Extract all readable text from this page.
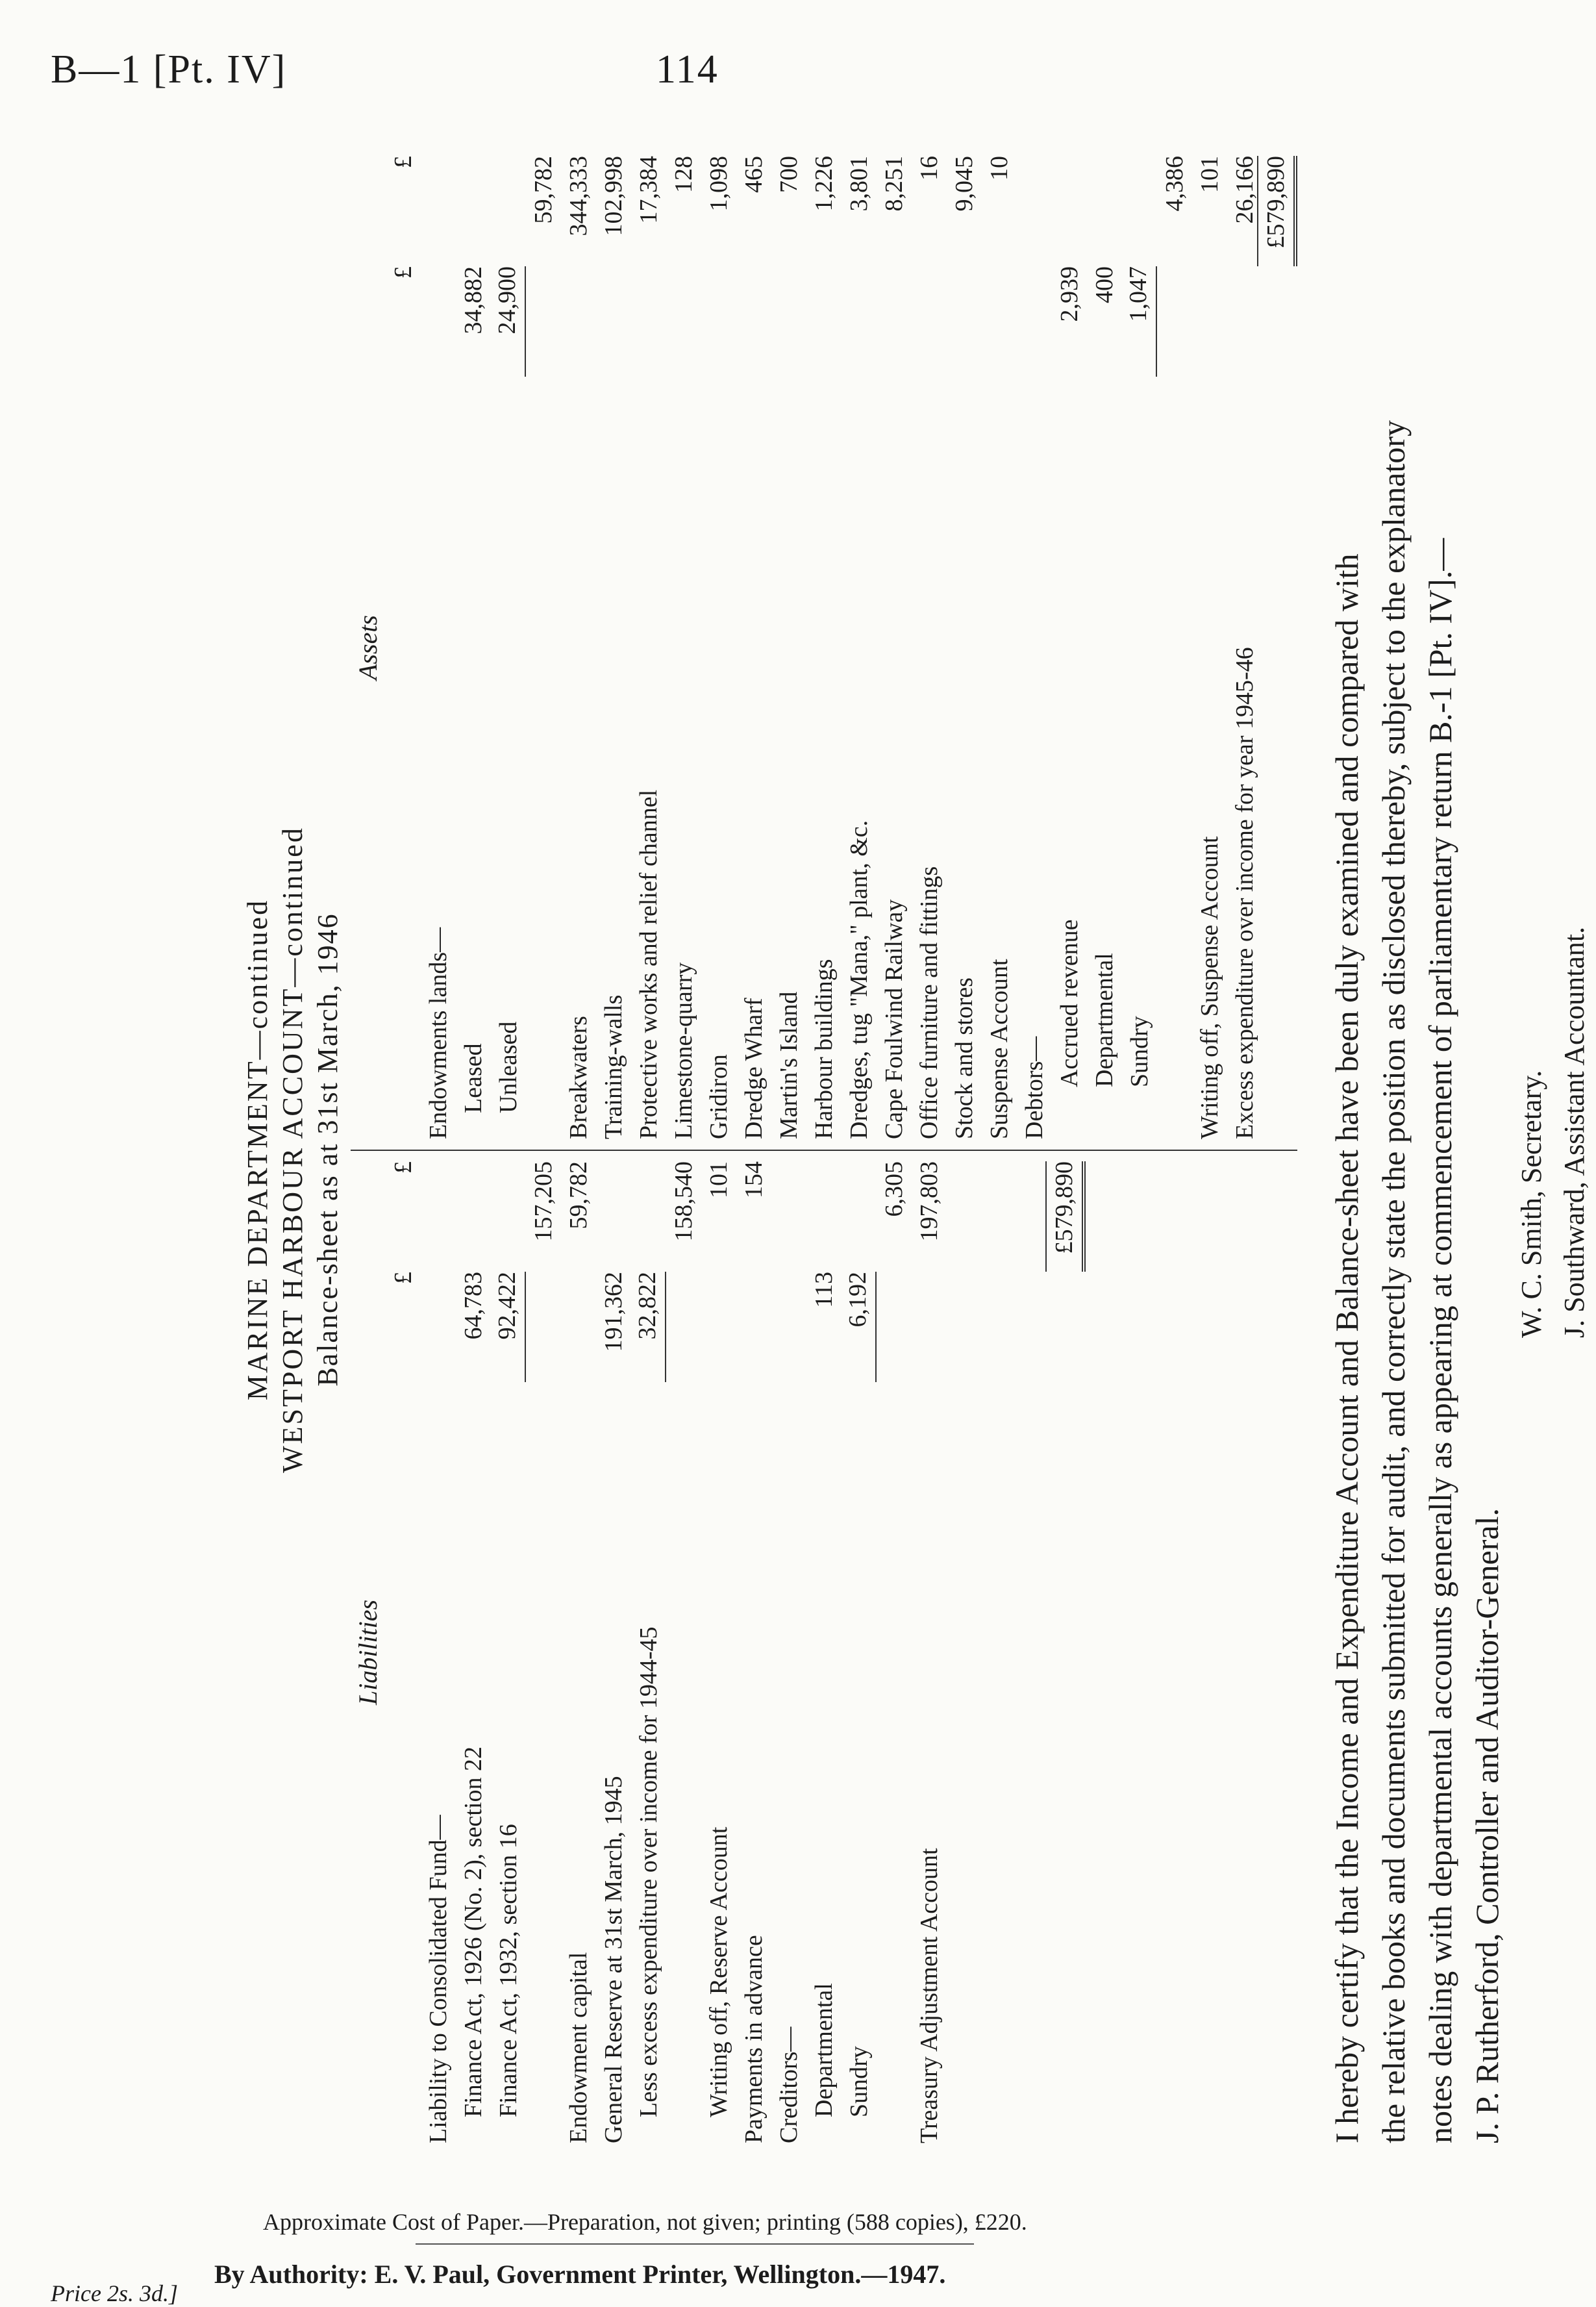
B—1 [Pt. IV]	114
MARINE DEPARTMENT—continued WESTPORT HARBOUR ACCOUNT—continued Balance-sheet as at 31st March, 1946
Liabilities
£
£
Liability to Consolidated Fund— Finance Act, 1926 (No. 2), section 22
64,783
Finance Act, 1932, section 16
92,422
157,205
Endowment capital
59,782
General Reserve at 31st March, 1945
191,362
Less excess expenditure over income for 1944-45
32,822
158,540
Writing off, Reserve Account
101
Payments in advance
154
Creditors— Departmental
113
Sundry
6,192
6,305
Treasury Adjustment Account
197,803	£579,890
Assets
£
£
Endowments lands— Leased
34,882
Unleased
24,900
59,782
Breakwaters
344,333
Training-walls
102,998
Protective works and relief channel
17,384
Limestone-quarry
128
Gridiron
1,098
Dredge Wharf
465
Martin's Island
700
Harbour buildings
1,226
Dredges, tug "Mana," plant, &c.
3,801
Cape Foulwind Railway
8,251
Office furniture and fittings
16
Stock and stores
9,045
Suspense Account
10
Debtors—
Accrued revenue
2,939
Departmental
400
Sundry
1,047
4,386
Writing off, Suspense Account
101
Excess expenditure over income for year 1945-46
26,166 £579,890
I hereby certify that the Income and Expenditure Account and Balance-sheet have been duly examined and compared with the relative books and documents submitted for audit, and correctly state the position as disclosed thereby, subject to the explanatory notes dealing with departmental accounts generally as appearing at commencement of parliamentary return B.-1 [Pt. IV].— J. P. Rutherford, Controller and Auditor-General.
W. C. Smith, Secretary. J. Southward, Assistant Accountant.
Approximate Cost of Paper.—Preparation, not given; printing (588 copies), £220.
By Authority: E. V. Paul, Government Printer, Wellington.—1947.
Price 2s. 3d.]
